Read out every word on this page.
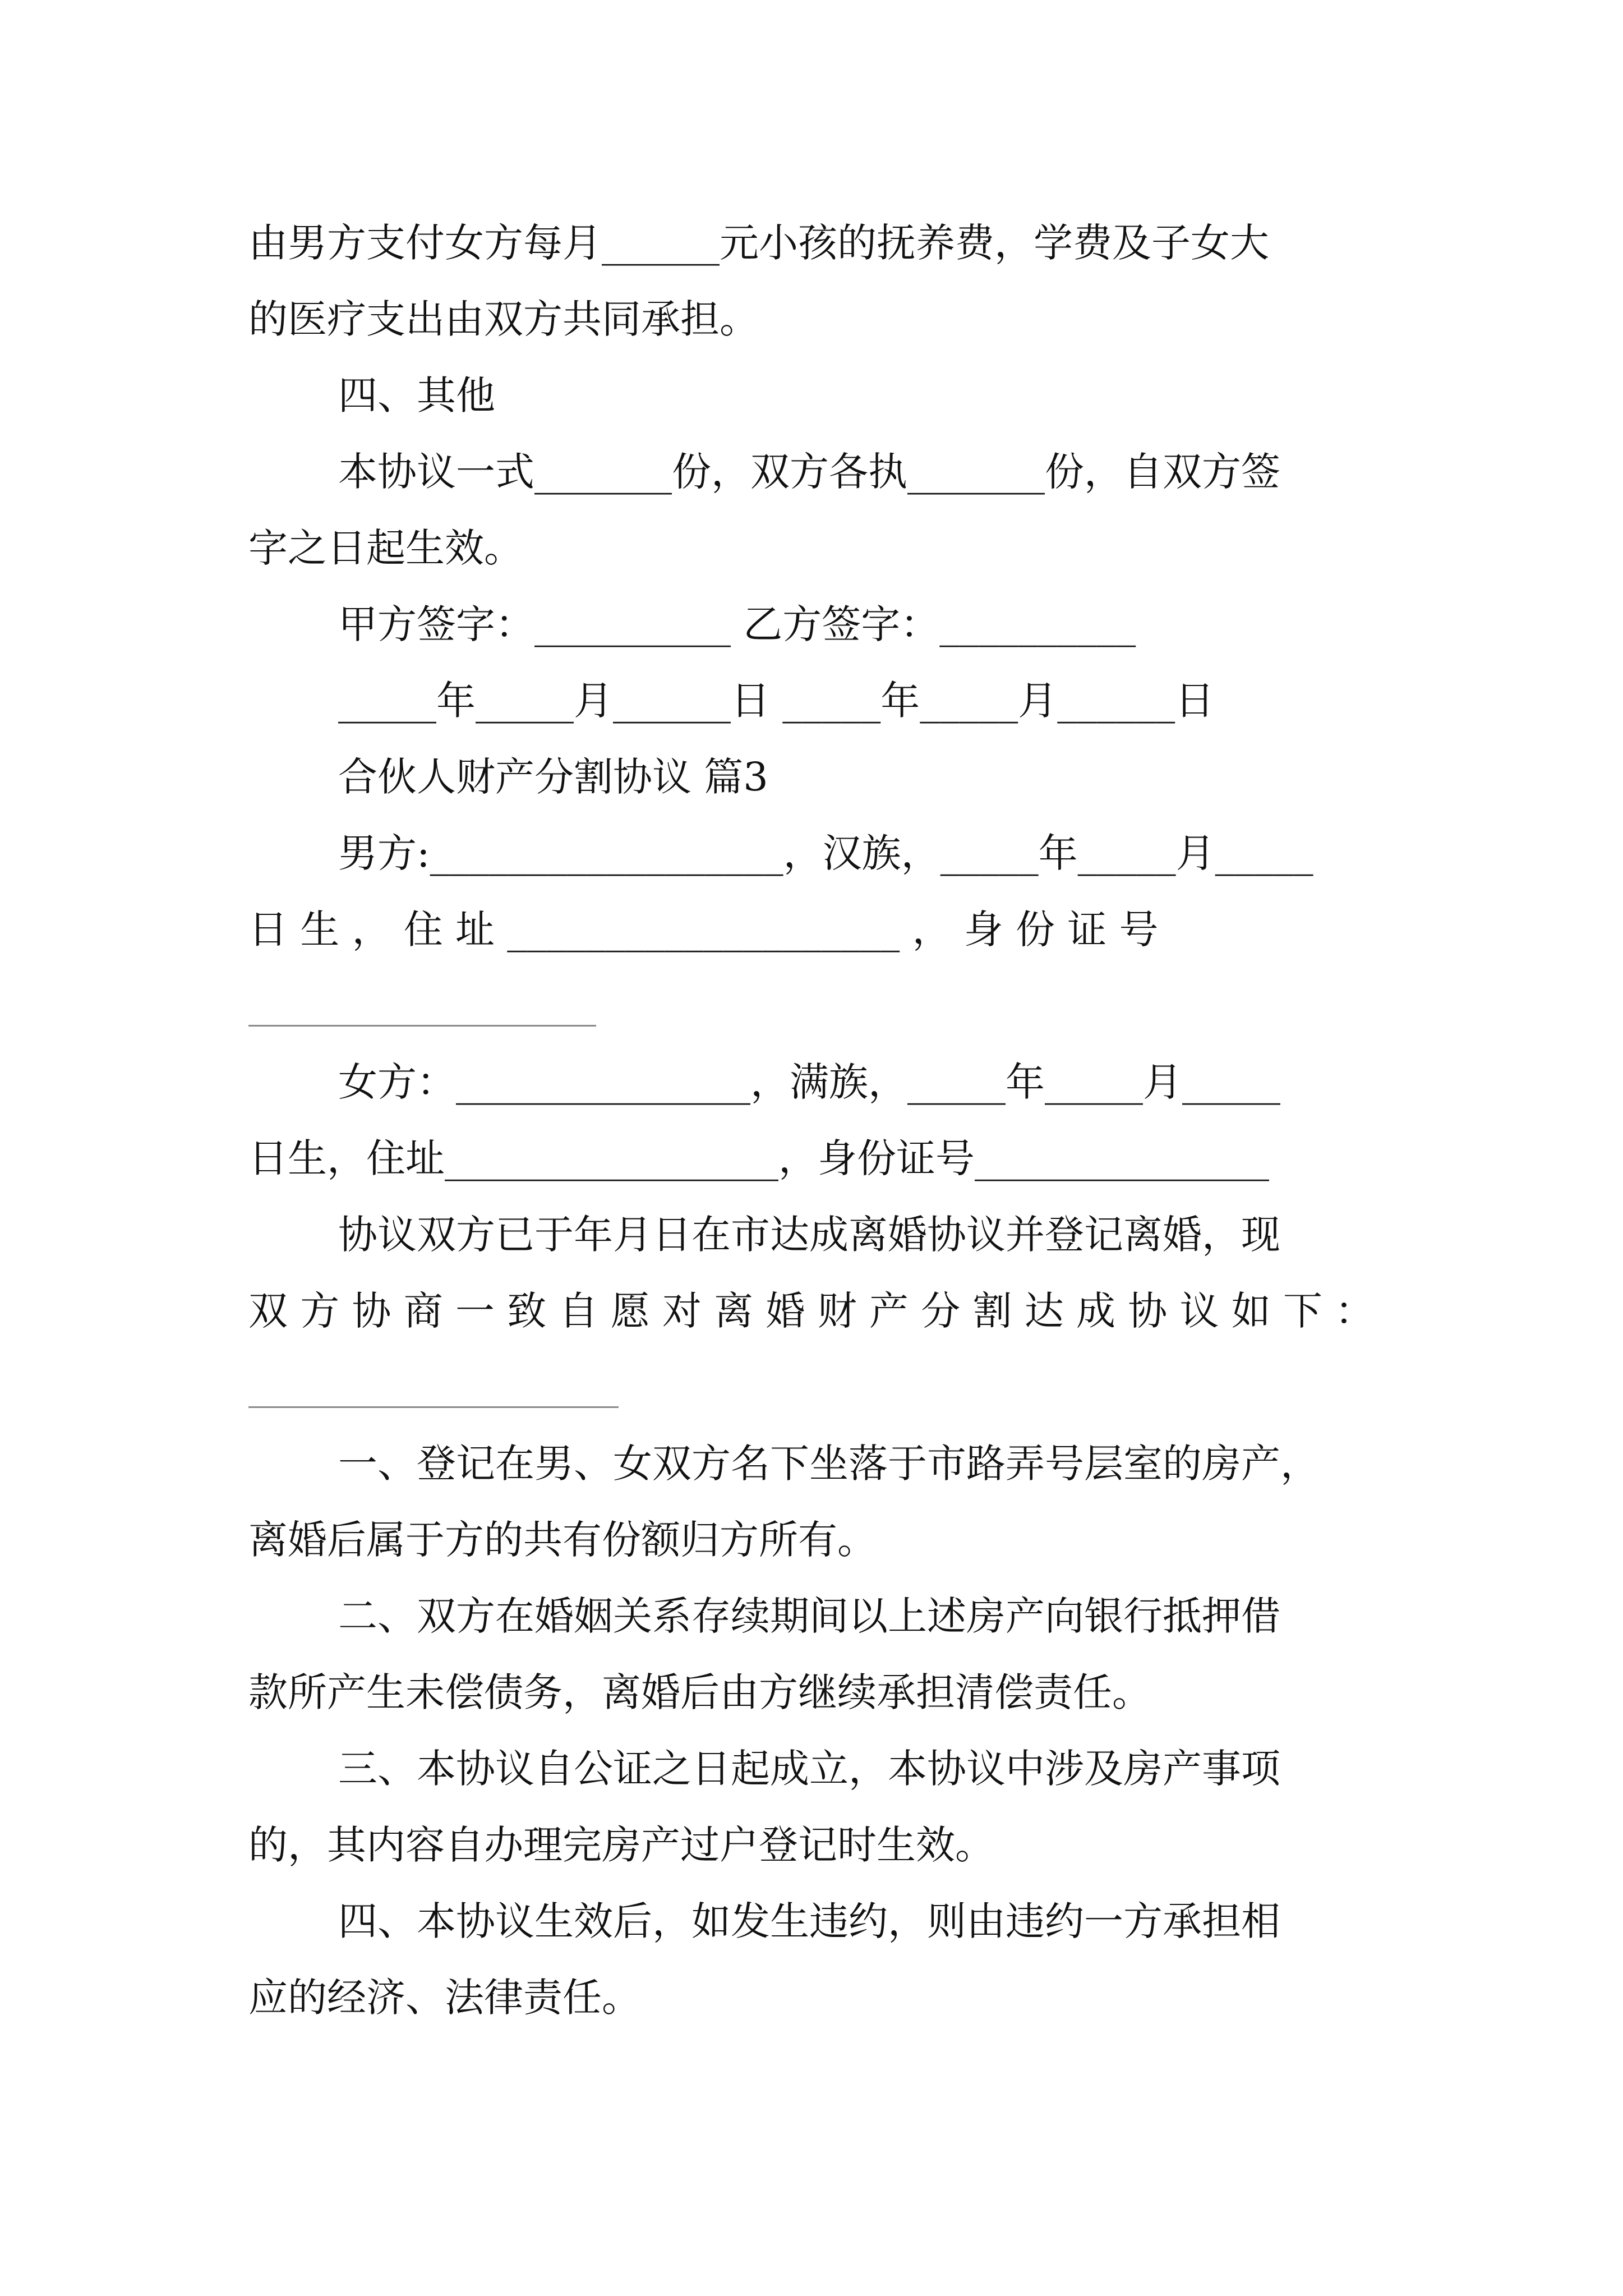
由男方支付女方每月______元小孩的抚养费，学费及子女大
的医疗支出由双方共同承担。
四、其他
本协议一式_______份，双方各执_______份，自双方签
字之日起生效。
甲方签字：__________ 乙方签字：__________
_____年_____月______日 _____年_____月______日
合伙人财产分割协议 篇3
男方:__________________，汉族，_____年_____月_____
日 生 ， 住 址 ____________________ ， 身 份 证 号
女方：_______________，满族，_____年_____月_____
日生，住址_________________，身份证号_______________
协议双方已于年月日在市达成离婚协议并登记离婚，现
双 方 协 商 一 致 自 愿 对 离 婚 财 产 分 割 达 成 协 议 如 下 ：
一、登记在男、女双方名下坐落于市路弄号层室的房产，
离婚后属于方的共有份额归方所有。
二、双方在婚姻关系存续期间以上述房产向银行抵押借
款所产生未偿债务，离婚后由方继续承担清偿责任。
三、本协议自公证之日起成立，本协议中涉及房产事项
的，其内容自办理完房产过户登记时生效。
四、本协议生效后，如发生违约，则由违约一方承担相
应的经济、法律责任。
